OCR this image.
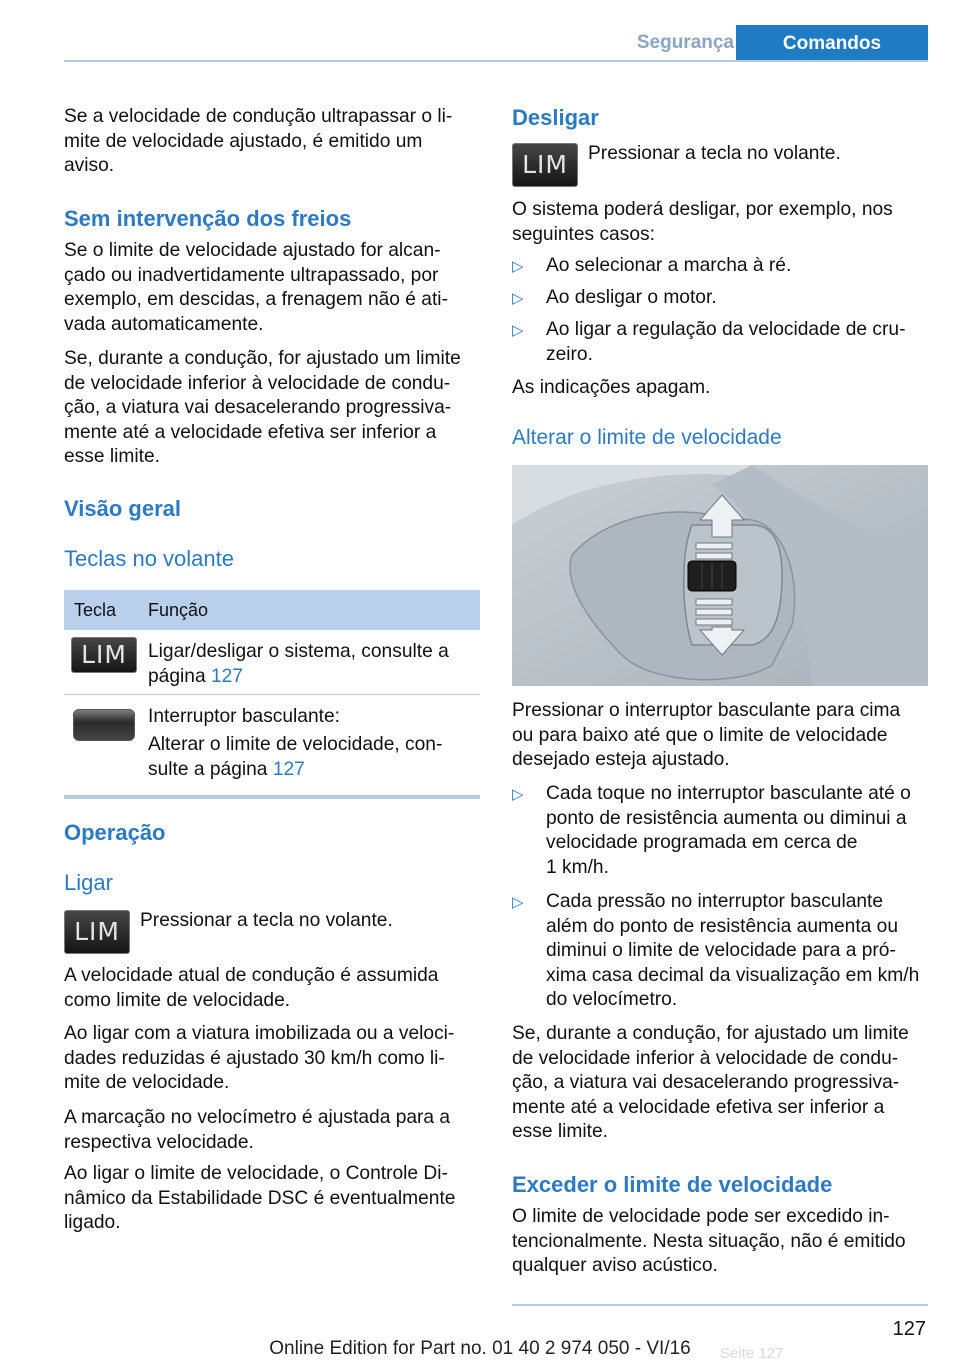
Segurança	Comandos

Se a velocidade de condução ultrapassar o li-
mite de velocidade ajustado, é emitido um
aviso.

Sem intervenção dos freios

Se o limite de velocidade ajustado for alcan-
çado ou inadvertidamente ultrapassado, por
exemplo, em descidas, a frenagem não é ati-
vada automaticamente.

Se, durante a condução, for ajustado um limite
de velocidade inferior à velocidade de condu-
ção, a viatura vai desacelerando progressiva-
mente até a velocidade efetiva ser inferior a
esse limite.

Visão geral
Teclas no volante
Tecla Função
LIM	Ligar/desligar o sistema, consulte a
página 127

Interruptor basculante:

Alterar o limite de velocidade, con-
sulte a página 127

Operação
Ligar
LIM	Pressionar a tecla no volante.

A velocidade atual de condução é assumida
como limite de velocidade.

Ao ligar com a viatura imobilizada ou a veloci-
dades reduzidas é ajustado 30 km/h como li-
mite de velocidade.

A marcação no velocímetro é ajustada para a
respectiva velocidade.

Ao ligar o limite de velocidade, o Controle Di-
nâmico da Estabilidade DSC é eventualmente
ligado.

Desligar
LIM	Pressionar a tecla no volante.

O sistema poderá desligar, por exemplo, nos
seguintes casos:

▷ Ao selecionar a marcha à ré.

▷ Ao desligar o motor.

▷ Ao ligar a regulação da velocidade de cru-
zeiro.

As indicações apagam.

Alterar o limite de velocidade

Pressionar o interruptor basculante para cima
ou para baixo até que o limite de velocidade
desejado esteja ajustado.

▷ Cada toque no interruptor basculante até o
ponto de resistência aumenta ou diminui a
velocidade programada em cerca de
1 km/h.

▷ Cada pressão no interruptor basculante
além do ponto de resistência aumenta ou
diminui o limite de velocidade para a pró-
xima casa decimal da visualização em km/h
do velocímetro.

Se, durante a condução, for ajustado um limite
de velocidade inferior à velocidade de condu-
ção, a viatura vai desacelerando progressiva-
mente até a velocidade efetiva ser inferior a
esse limite.

Exceder o limite de velocidade

O limite de velocidade pode ser excedido in-
tencionalmente. Nesta situação, não é emitido
qualquer aviso acústico.

127
Online Edition for Part no. 01 40 2 974 050 - VI/16	Seite 127
